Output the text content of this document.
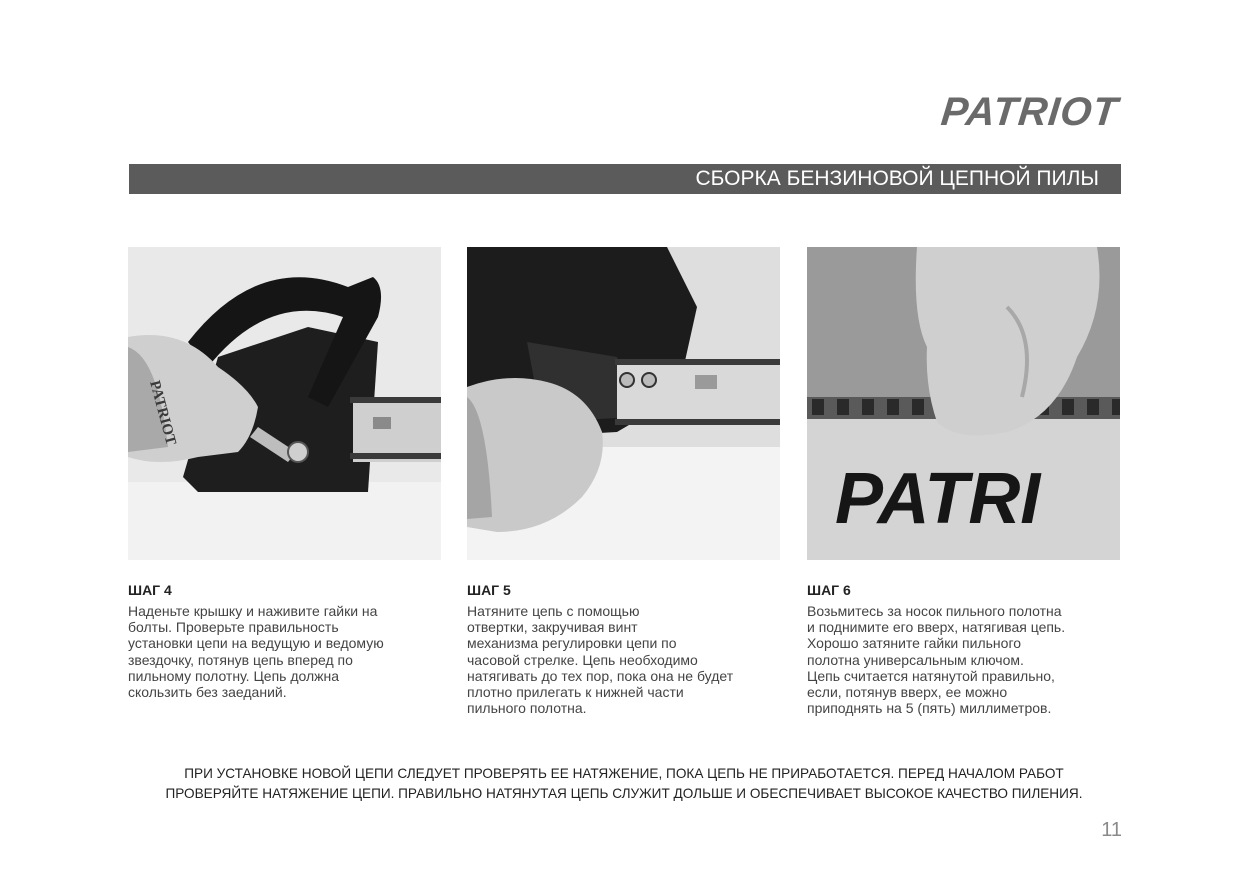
PATRIOT
СБОРКА БЕНЗИНОВОЙ ЦЕПНОЙ ПИЛЫ
PATRIOT
ШАГ 4
Наденьте крышку и наживите гайки на
болты. Проверьте правильность
установки цепи на ведущую и ведомую
звездочку, потянув цепь вперед по
пильному полотну. Цепь должна
скользить без заеданий.
ШАГ 5
Натяните цепь с помощью
отвертки, закручивая винт
механизма регулировки цепи по
часовой стрелке. Цепь необходимо
натягивать до тех пор, пока она не будет
плотно прилегать к нижней части
пильного полотна.
PATRI
ШАГ 6
Возьмитесь за носок пильного полотна
и поднимите его вверх, натягивая цепь.
Хорошо затяните гайки пильного
полотна универсальным ключом.
Цепь считается натянутой правильно,
если, потянув вверх, ее можно
приподнять на 5 (пять) миллиметров.
ПРИ УСТАНОВКЕ НОВОЙ ЦЕПИ СЛЕДУЕТ ПРОВЕРЯТЬ ЕЕ НАТЯЖЕНИЕ, ПОКА ЦЕПЬ НЕ ПРИРАБОТАЕТСЯ. ПЕРЕД НАЧАЛОМ РАБОТ
ПРОВЕРЯЙТЕ НАТЯЖЕНИЕ ЦЕПИ. ПРАВИЛЬНО НАТЯНУТАЯ ЦЕПЬ СЛУЖИТ ДОЛЬШЕ И ОБЕСПЕЧИВАЕТ ВЫСОКОЕ КАЧЕСТВО ПИЛЕНИЯ.
11
